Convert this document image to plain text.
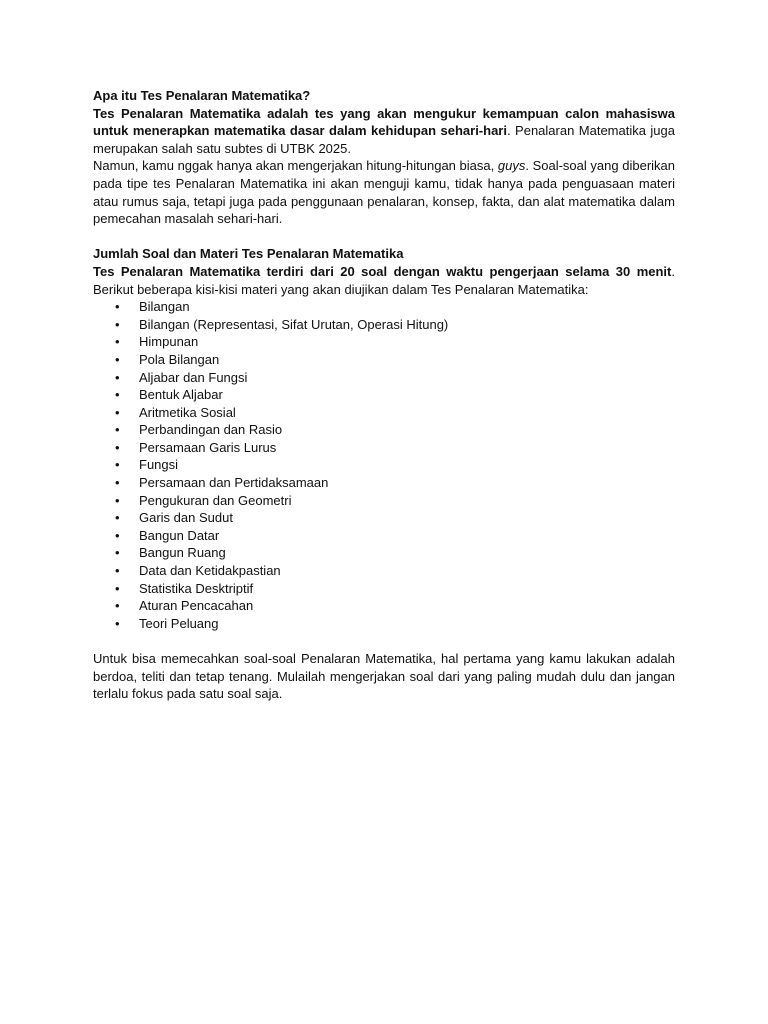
Apa itu Tes Penalaran Matematika?

Tes Penalaran Matematika adalah tes yang akan mengukur kemampuan calon mahasiswa untuk menerapkan matematika dasar dalam kehidupan sehari-hari. Penalaran Matematika juga merupakan salah satu subtes di UTBK 2025.

Namun, kamu nggak hanya akan mengerjakan hitung-hitungan biasa, guys. Soal-soal yang diberikan pada tipe tes Penalaran Matematika ini akan menguji kamu, tidak hanya pada penguasaan materi atau rumus saja, tetapi juga pada penggunaan penalaran, konsep, fakta, dan alat matematika dalam pemecahan masalah sehari-hari.

Jumlah Soal dan Materi Tes Penalaran Matematika

Tes Penalaran Matematika terdiri dari 20 soal dengan waktu pengerjaan selama 30 menit. Berikut beberapa kisi-kisi materi yang akan diujikan dalam Tes Penalaran Matematika:

• Bilangan
• Bilangan (Representasi, Sifat Urutan, Operasi Hitung)
• Himpunan
• Pola Bilangan
• Aljabar dan Fungsi
• Bentuk Aljabar
• Aritmetika Sosial
• Perbandingan dan Rasio
• Persamaan Garis Lurus
• Fungsi
• Persamaan dan Pertidaksamaan
• Pengukuran dan Geometri
• Garis dan Sudut
• Bangun Datar
• Bangun Ruang
• Data dan Ketidakpastian
• Statistika Desktriptif
• Aturan Pencacahan
• Teori Peluang

Untuk bisa memecahkan soal-soal Penalaran Matematika, hal pertama yang kamu lakukan adalah berdoa, teliti dan tetap tenang. Mulailah mengerjakan soal dari yang paling mudah dulu dan jangan terlalu fokus pada satu soal saja.
